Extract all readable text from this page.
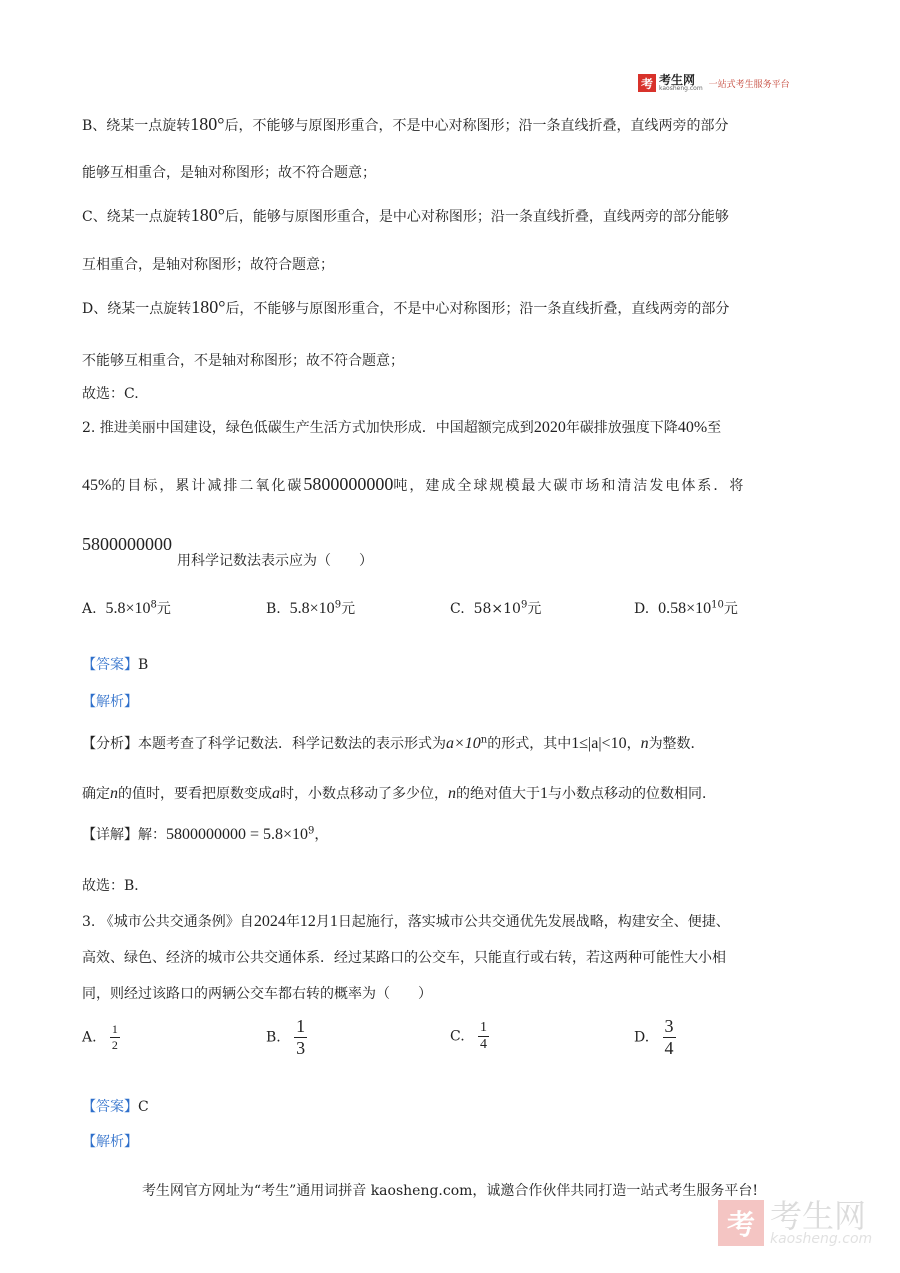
考 考生网
kaosheng.com 一站式考生服务平台
B、绕某一点旋转180°后，不能够与原图形重合，不是中心对称图形；沿一条直线折叠，直线两旁的部分
能够互相重合，是轴对称图形；故不符合题意；
C、绕某一点旋转180°后，能够与原图形重合，是中心对称图形；沿一条直线折叠，直线两旁的部分能够
互相重合，是轴对称图形；故符合题意；
D、绕某一点旋转180°后，不能够与原图形重合，不是中心对称图形；沿一条直线折叠，直线两旁的部分
不能够互相重合，不是轴对称图形；故不符合题意；
故选：C.
2. 推进美丽中国建设，绿色低碳生产生活方式加快形成．中国超额完成到2020年碳排放强度下降40%至
45%的目标，累计减排二氧化碳5800000000吨，建成全球规模最大碳市场和清洁发电体系．将
5800000000
用科学记数法表示应为（　　）
A. $5.8\times 10^8$元	B. $5.8\times 10^9$元	C. $58\times 10^9$元	D. $0.58\times 10^{10}$元
【答案】B
【解析】
【分析】本题考查了科学记数法．科学记数法的表示形式为$a\times 10^n$的形式，其中1≤|a|<10，n为整数．
确定n的值时，要看把原数变成a时，小数点移动了多少位，n的绝对值大于1与小数点移动的位数相同．
【详解】解：$5800000000 = 5.8\times 10^9$，
故选：B．
3. 《城市公共交通条例》自2024年12月1日起施行，落实城市公共交通优先发展战略，构建安全、便捷、
高效、绿色、经济的城市公共交通体系．经过某路口的公交车，只能直行或右转，若这两种可能性大小相
同，则经过该路口的两辆公交车都右转的概率为（　　）
A. $\frac{1}{2}$	B. $\frac{1}{3}$	C. $\frac{1}{4}$	D. $\frac{3}{4}$
【答案】C
【解析】
考生网官方网址为“考生”通用词拼音 kaosheng.com，诚邀合作伙伴共同打造一站式考生服务平台!
考 考生网
kaosheng.com
